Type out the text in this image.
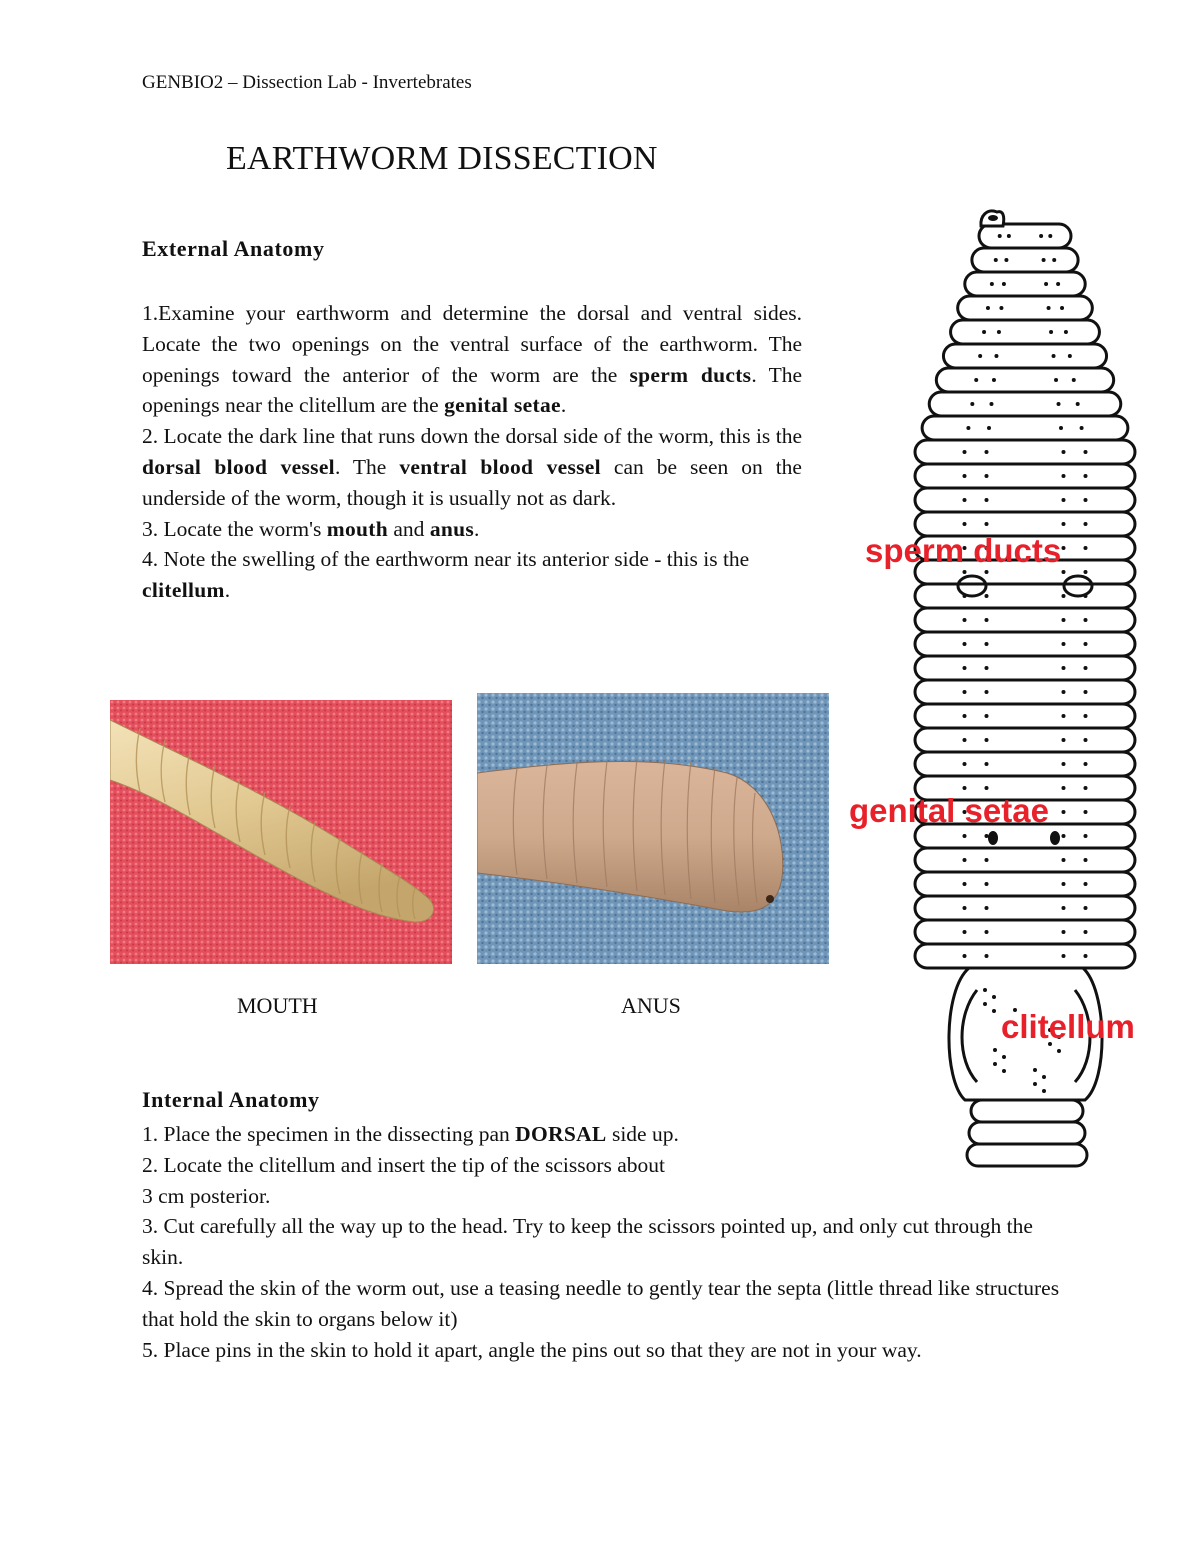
GENBIO2 – Dissection Lab - Invertebrates
EARTHWORM DISSECTION
External Anatomy
1.Examine your earthworm and determine the dorsal and ventral sides. Locate the two openings on the ventral surface of the earthworm. The openings toward the anterior of the worm are the sperm ducts. The openings near the clitellum are the genital setae.
2. Locate the dark line that runs down the dorsal side of the worm, this is the dorsal blood vessel. The ventral blood vessel can be seen on the underside of the worm, though it is usually not as dark.
3. Locate the worm's mouth and anus.
4. Note the swelling of the earthworm near its anterior side - this is the clitellum.
MOUTH	ANUS
sperm ducts
genital setae
clitellum
Internal Anatomy
1. Place the specimen in the dissecting pan DORSAL side up.
2. Locate the clitellum and insert the tip of the scissors about
3 cm posterior.
3. Cut carefully all the way up to the head. Try to keep the scissors pointed up, and only cut through the skin.
4. Spread the skin of the worm out, use a teasing needle to gently tear the septa (little thread like structures that hold the skin to organs below it)
5. Place pins in the skin to hold it apart, angle the pins out so that they are not in your way.
